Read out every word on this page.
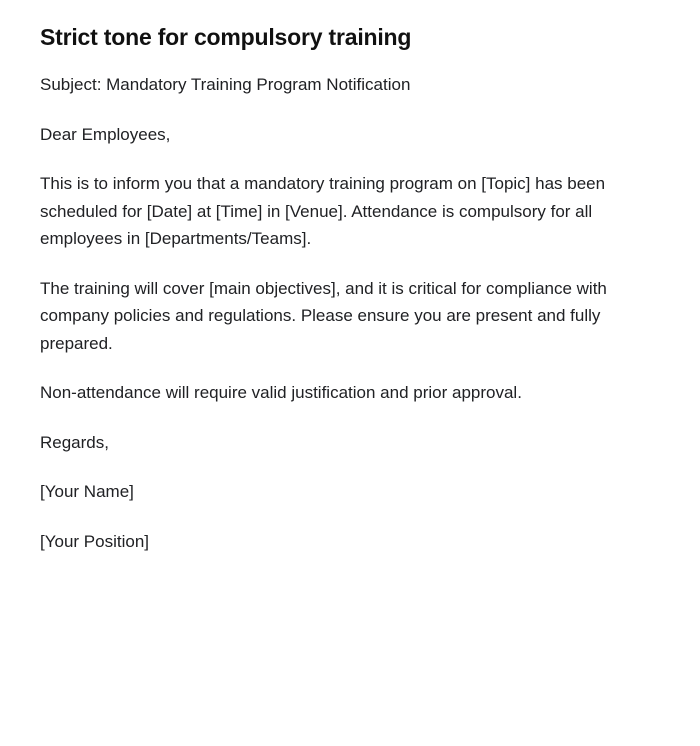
Strict tone for compulsory training

Subject: Mandatory Training Program Notification

Dear Employees,

This is to inform you that a mandatory training program on [Topic] has been scheduled for [Date] at [Time] in [Venue]. Attendance is compulsory for all employees in [Departments/Teams].

The training will cover [main objectives], and it is critical for compliance with company policies and regulations. Please ensure you are present and fully prepared.

Non-attendance will require valid justification and prior approval.

Regards,

[Your Name]

[Your Position]
